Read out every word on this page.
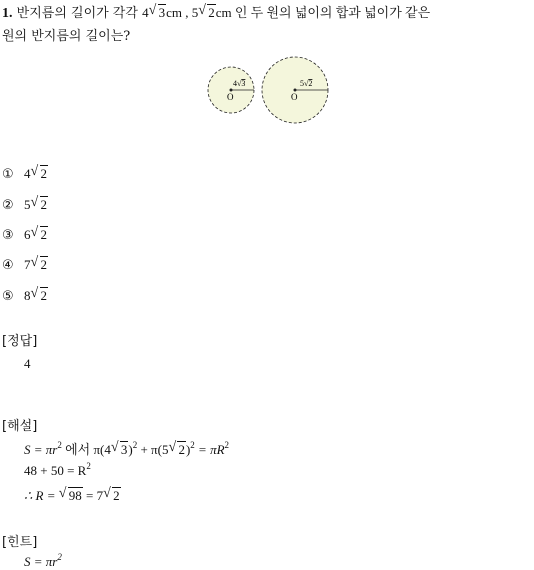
1. 반지름의 길이가 각각 4 √ 3cm , 5 √ 2cm 인 두 원의 넓이의 합과 넓이가 같은
원의 반지름의 길이는?
O	O
4√3	5√2
① 4 √ 2
② 5 √ 2
③ 6 √ 2
④ 7 √ 2
⑤ 8 √ 2
[정답]
4
[해설]
$S = \pi r^2$ 에서 π(4 √ 3)$^2$ + π(5 √ $2)^2 = \pi R^2$
$48 + 50 = R^2$
∴ R = √ 98 = 7 √ 2
[힌트]
$S = \pi r^2$
